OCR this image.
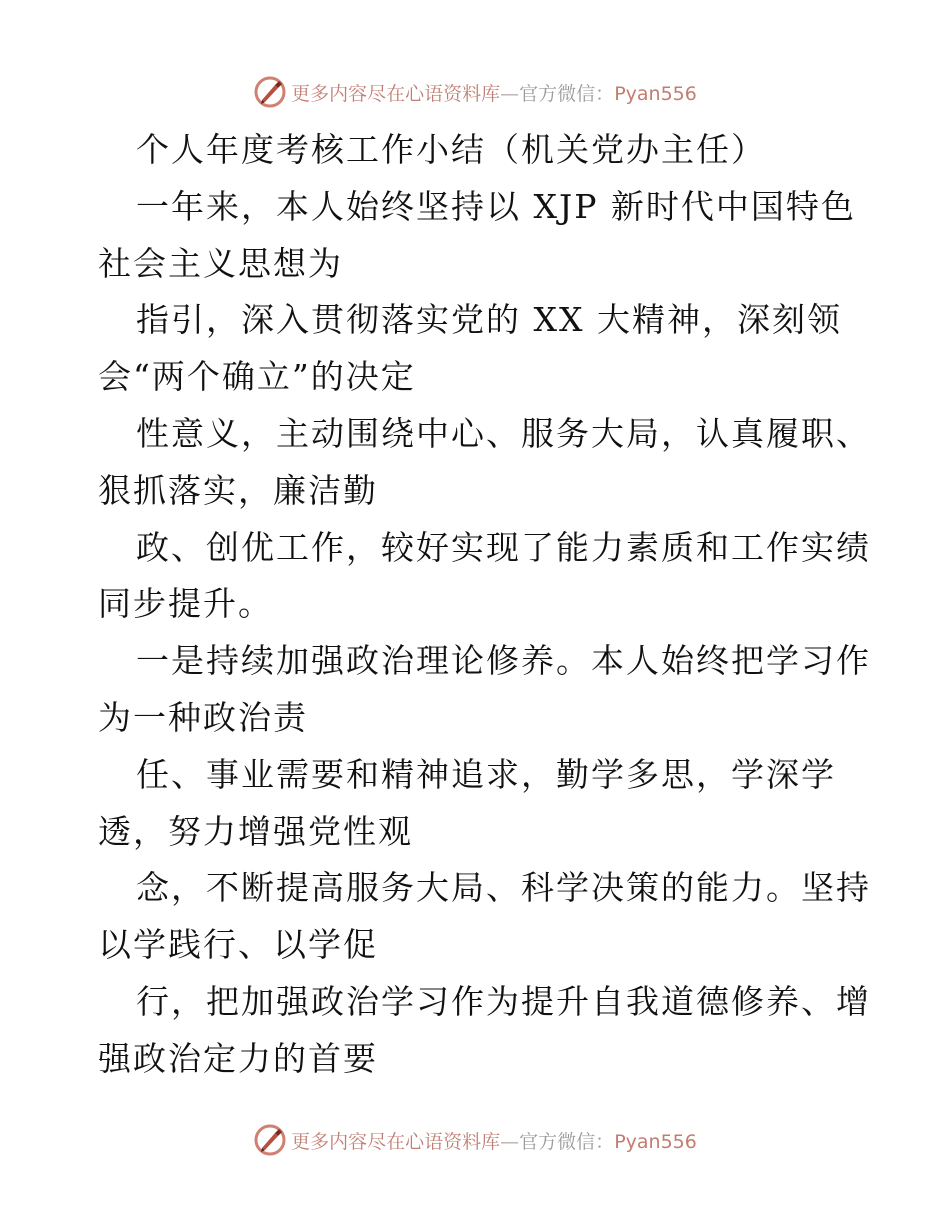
更多内容尽在心语资料库—官方微信：Pyan556
个人年度考核工作小结（机关党办主任）
一年来，本人始终坚持以 XJP 新时代中国特色
社会主义思想为
指引，深入贯彻落实党的 XX 大精神，深刻领
会“两个确立”的决定
性意义，主动围绕中心、服务大局，认真履职、
狠抓落实，廉洁勤
政、创优工作，较好实现了能力素质和工作实绩
同步提升。
一是持续加强政治理论修养。本人始终把学习作
为一种政治责
任、事业需要和精神追求，勤学多思，学深学
透，努力增强党性观
念，不断提高服务大局、科学决策的能力。坚持
以学践行、以学促
行，把加强政治学习作为提升自我道德修养、增
强政治定力的首要
更多内容尽在心语资料库—官方微信：Pyan556
